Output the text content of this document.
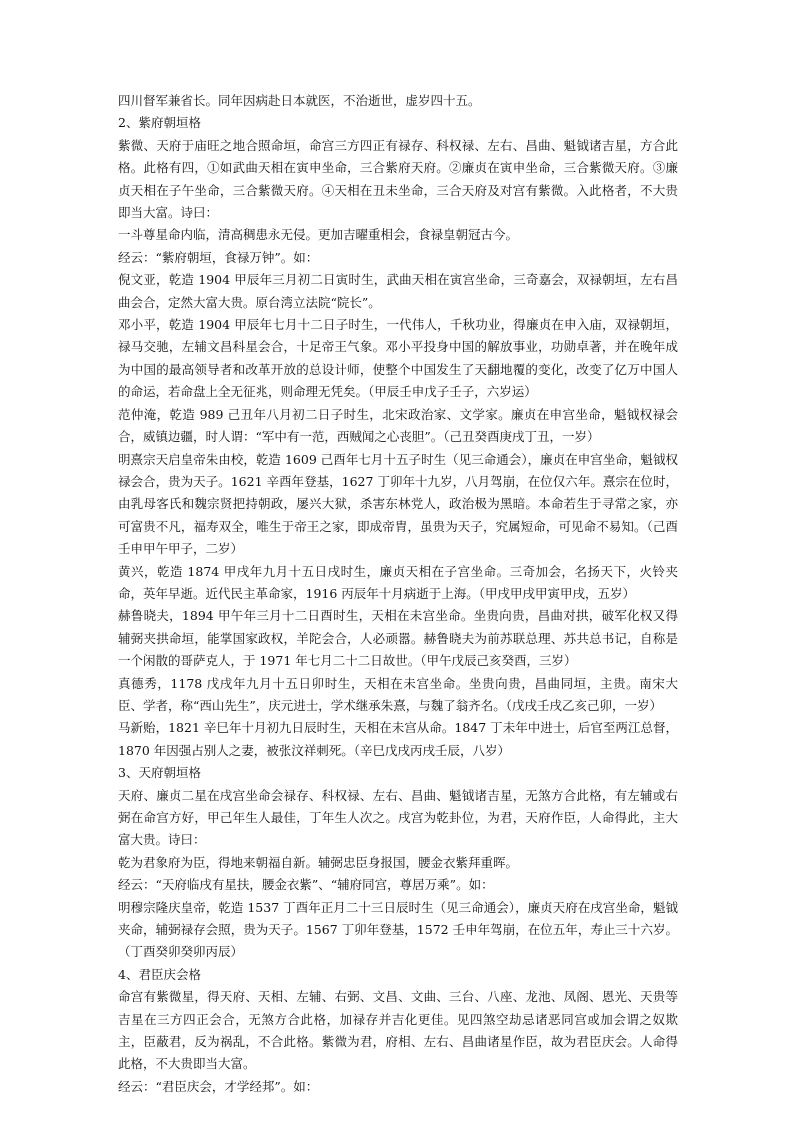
四川督军兼省长。同年因病赴日本就医，不治逝世，虚岁四十五。

2、紫府朝垣格

紫微、天府于庙旺之地合照命垣，命宫三方四正有禄存、科权禄、左右、昌曲、魁钺诸吉星，方合此格。此格有四，①如武曲天相在寅申坐命，三合紫府天府。②廉贞在寅申坐命，三合紫微天府。③廉贞天相在子午坐命，三合紫微天府。④天相在丑未坐命，三合天府及对宫有紫微。入此格者，不大贵即当大富。诗曰：

一斗尊星命内临，清高稠患永无侵。更加吉曜重相会，食禄皇朝冠古今。

经云：“紫府朝垣，食禄万钟”。如：

倪文亚，乾造 1904 甲辰年三月初二日寅时生，武曲天相在寅宫坐命，三奇嘉会，双禄朝垣，左右昌曲会合，定然大富大贵。原台湾立法院“院长”。

邓小平，乾造 1904 甲辰年七月十二日子时生，一代伟人，千秋功业，得廉贞在申入庙，双禄朝垣，禄马交驰，左辅文昌科星会合，十足帝王气象。邓小平投身中国的解放事业，功勋卓著，并在晚年成为中国的最高领导者和改革开放的总设计师，使整个中国发生了天翻地覆的变化，改变了亿万中国人的命运，若命盘上全无征兆，则命理无凭矣。（甲辰壬申戊子壬子，六岁运）

范仲淹，乾造 989 己丑年八月初二日子时生，北宋政治家、文学家。廉贞在申宫坐命，魁钺权禄会合，威镇边疆，时人谓：“军中有一范，西贼闻之心丧胆”。（己丑癸酉庚戌丁丑，一岁）

明熹宗天启皇帝朱由校，乾造 1609 己酉年七月十五子时生（见三命通会），廉贞在申宫坐命，魁钺权禄会合，贵为天子。1621 辛酉年登基，1627 丁卯年十九岁，八月驾崩，在位仅六年。熹宗在位时，由乳母客氏和魏宗贤把持朝政，屡兴大狱，杀害东林党人，政治极为黑暗。本命若生于寻常之家，亦可富贵不凡，福寿双全，唯生于帝王之家，即成帝胄，虽贵为天子，究属短命，可见命不易知。（己酉壬申甲午甲子，二岁）

黄兴，乾造 1874 甲戌年九月十五日戌时生，廉贞天相在子宫坐命。三奇加会，名扬天下，火铃夹命，英年早逝。近代民主革命家，1916 丙辰年十月病逝于上海。（甲戌甲戌甲寅甲戌，五岁）

赫鲁晓夫，1894 甲午年三月十二日酉时生，天相在未宫坐命。坐贵向贵，昌曲对拱，破军化权又得辅弼夹拱命垣，能掌国家政权，羊陀会合，人必顽嚣。赫鲁晓夫为前苏联总理、苏共总书记，自称是一个闲散的哥萨克人，于 1971 年七月二十二日故世。（甲午戊辰己亥癸酉，三岁）

真德秀，1178 戊戌年九月十五日卯时生，天相在未宫坐命。坐贵向贵，昌曲同垣，主贵。南宋大臣、学者，称“西山先生”，庆元进士，学术继承朱熹，与魏了翁齐名。（戊戌壬戌乙亥己卯，一岁）

马新贻，1821 辛巳年十月初九日辰时生，天相在未宫从命。1847 丁未年中进士，后官至两江总督，1870 年因强占别人之妻，被张汶祥刺死。（辛巳戊戌丙戌壬辰，八岁）

3、天府朝垣格

天府、廉贞二星在戌宫坐命会禄存、科权禄、左右、昌曲、魁钺诸吉星，无煞方合此格，有左辅或右弼在命宫方好，甲己年生人最佳，丁年生人次之。戌宫为乾卦位，为君，天府作臣，人命得此，主大富大贵。诗曰：

乾为君象府为臣，得地来朝福自新。辅弼忠臣身报国，腰金衣紫拜重晖。

经云：“天府临戌有星扶，腰金衣紫”、“辅府同宫，尊居万乘”。如：

明穆宗隆庆皇帝，乾造 1537 丁酉年正月二十三日辰时生（见三命通会），廉贞天府在戌宫坐命，魁钺夹命，辅弼禄存会照，贵为天子。1567 丁卯年登基，1572 壬申年驾崩，在位五年，寿止三十六岁。（丁酉癸卯癸卯丙辰）

4、君臣庆会格

命宫有紫微星，得天府、天相、左辅、右弼、文昌、文曲、三台、八座、龙池、凤阁、恩光、天贵等吉星在三方四正会合，无煞方合此格，加禄存并吉化更佳。见四煞空劫忌诸恶同宫或加会谓之奴欺主，臣蔽君，反为祸乱，不合此格。紫微为君，府相、左右、昌曲诸星作臣，故为君臣庆会。人命得此格，不大贵即当大富。

经云：“君臣庆会，才学经邦”。如：
